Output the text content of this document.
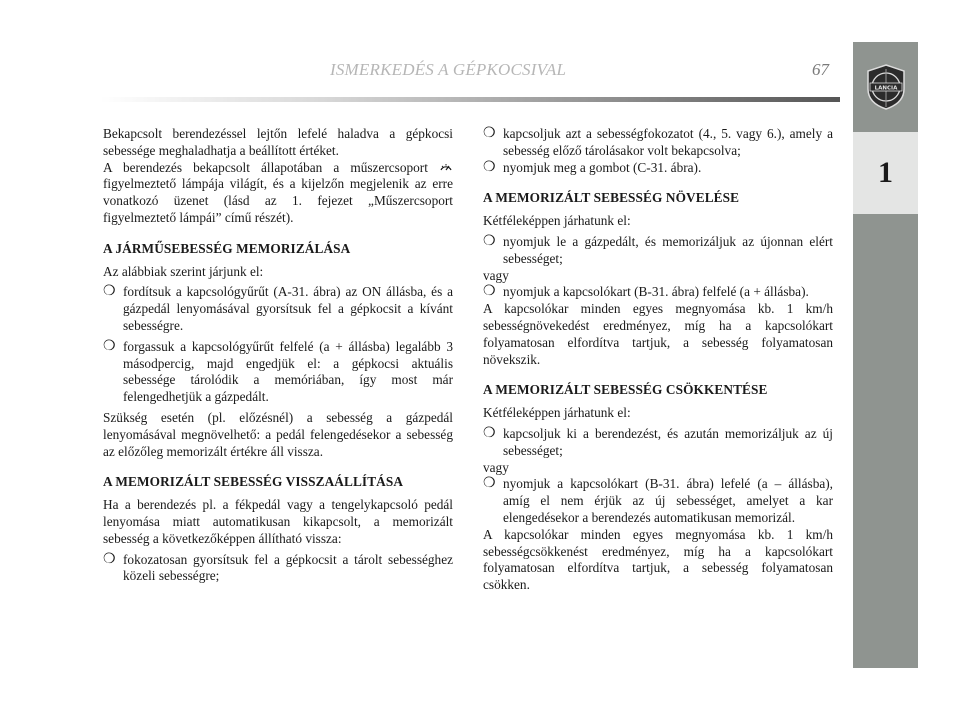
ISMERKEDÉS A GÉPKOCSIVAL	67
LANCIA
1

Bekapcsolt berendezéssel lejtőn lefelé haladva a gépkocsi sebessége meghaladhatja a beállított értéket.

A berendezés bekapcsolt állapotában a műszercsoport  figyelmeztető lámpája világít, és a kijelzőn megjelenik az erre vonatkozó üzenet (lásd az 1. fejezet „Műszercsoport figyelmeztető lámpái” című részét).

A JÁRMŰSEBESSÉG MEMORIZÁLÁSA

Az alábbiak szerint járjunk el:

❍ fordítsuk a kapcsológyűrűt (A-31. ábra) az ON állásba, és a gázpedál lenyomásával gyorsítsuk fel a gépkocsit a kívánt sebességre.
❍ forgassuk a kapcsológyűrűt felfelé (a + állásba) legalább 3 másodpercig, majd engedjük el: a gépkocsi aktuális sebessége tárolódik a memóriában, így most már felengedhetjük a gázpedált.

Szükség esetén (pl. előzésnél) a sebesség a gázpedál lenyomásával megnövelhető: a pedál felengedésekor a sebesség az előzőleg memorizált értékre áll vissza.

A MEMORIZÁLT SEBESSÉG VISSZAÁLLÍTÁSA

Ha a berendezés pl. a fékpedál vagy a tengelykapcsoló pedál lenyomása miatt automatikusan kikapcsolt, a memorizált sebesség a következőképpen állítható vissza:

❍ fokozatosan gyorsítsuk fel a gépkocsit a tárolt sebességhez közeli sebességre;
❍ kapcsoljuk azt a sebességfokozatot (4., 5. vagy 6.), amely a sebesség előző tárolásakor volt bekapcsolva;
❍ nyomjuk meg a gombot (C-31. ábra).
A MEMORIZÁLT SEBESSÉG NÖVELÉSE

Kétféleképpen járhatunk el:

❍ nyomjuk le a gázpedált, és memorizáljuk az újonnan elért sebességet;

vagy

❍ nyomjuk a kapcsolókart (B-31. ábra) felfelé (a + állásba).

A kapcsolókar minden egyes megnyomása kb. 1 km/h sebességnövekedést eredményez, míg ha a kapcsolókart folyamatosan elfordítva tartjuk, a sebesség folyamatosan növekszik.

A MEMORIZÁLT SEBESSÉG CSÖKKENTÉSE

Kétféleképpen járhatunk el:

❍ kapcsoljuk ki a berendezést, és azután memorizáljuk az új sebességet;

vagy

❍ nyomjuk a kapcsolókart (B-31. ábra) lefelé (a – állásba), amíg el nem érjük az új sebességet, amelyet a kar elengedésekor a berendezés automatikusan memorizál.

A kapcsolókar minden egyes megnyomása kb. 1 km/h sebességcsökkenést eredményez, míg ha a kapcsolókart folyamatosan elfordítva tartjuk, a sebesség folyamatosan csökken.
